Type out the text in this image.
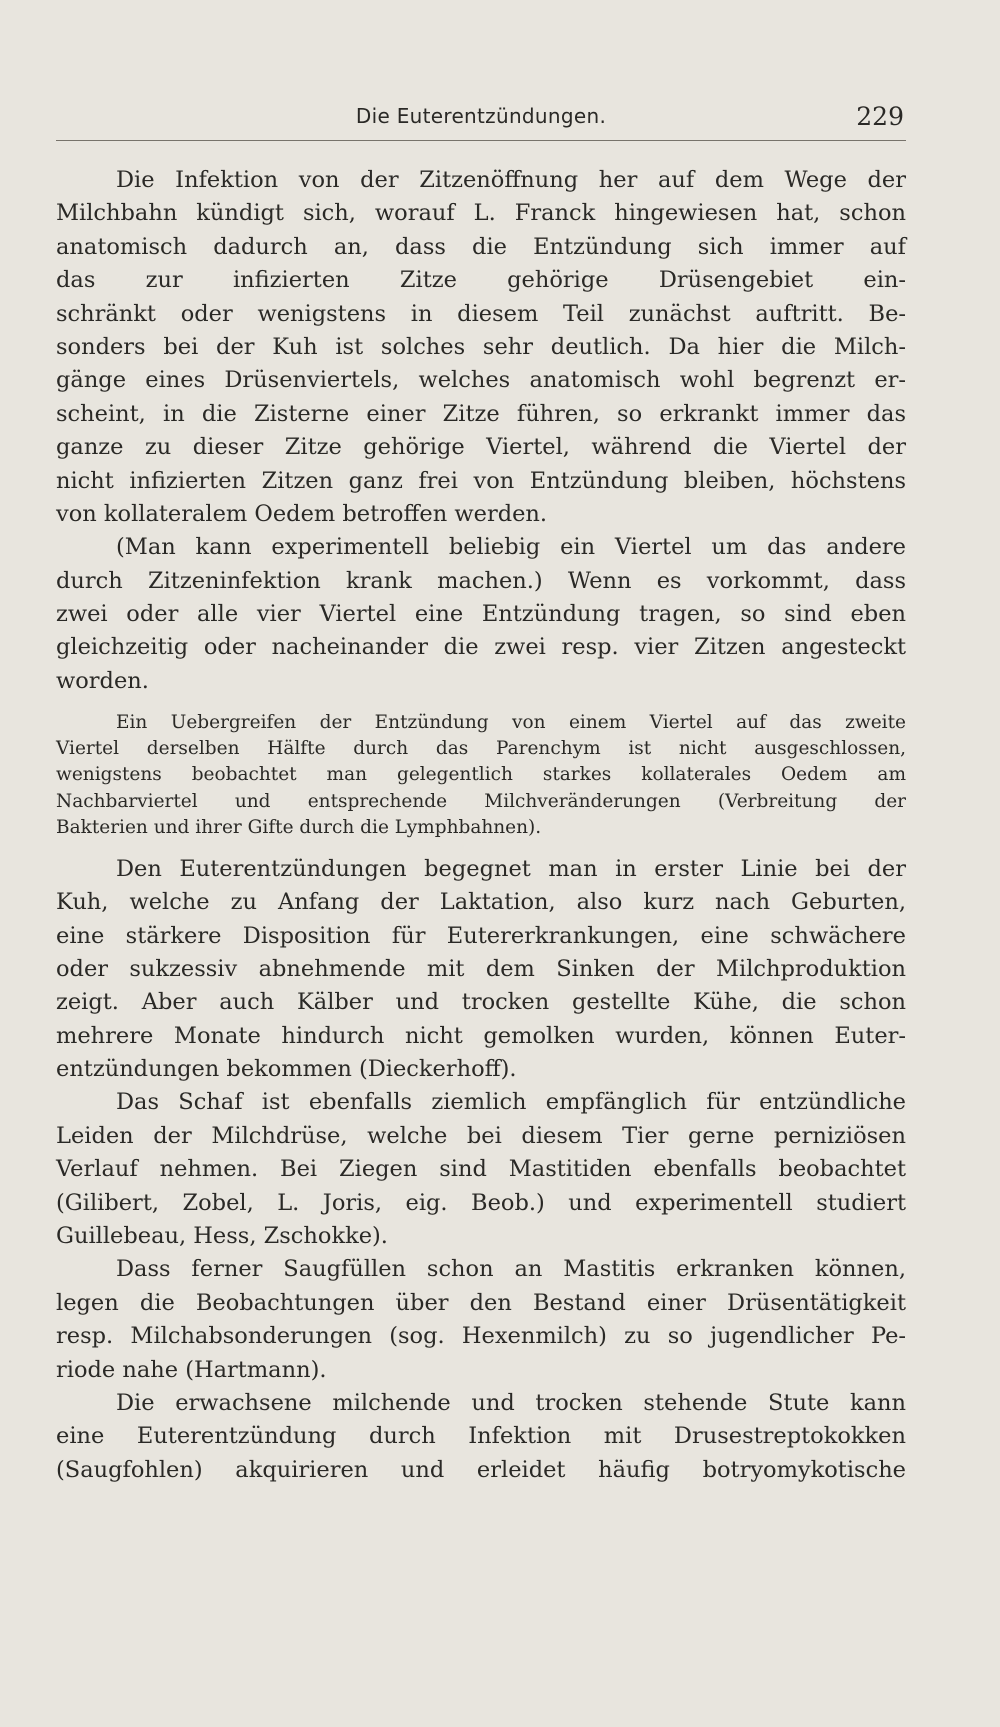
Die Euterentzündungen.	229
Die Infektion von der Zitzenöffnung her auf dem Wege der
Milchbahn kündigt sich, worauf L. Franck hingewiesen hat, schon
anatomisch dadurch an, dass die Entzündung sich immer auf
das zur infizierten Zitze gehörige Drüsengebiet ein-
schränkt oder wenigstens in diesem Teil zunächst auftritt. Be-
sonders bei der Kuh ist solches sehr deutlich. Da hier die Milch-
gänge eines Drüsenviertels, welches anatomisch wohl begrenzt er-
scheint, in die Zisterne einer Zitze führen, so erkrankt immer das
ganze zu dieser Zitze gehörige Viertel, während die Viertel der
nicht infizierten Zitzen ganz frei von Entzündung bleiben, höchstens
von kollateralem Oedem betroffen werden.
(Man kann experimentell beliebig ein Viertel um das andere
durch Zitzeninfektion krank machen.) Wenn es vorkommt, dass
zwei oder alle vier Viertel eine Entzündung tragen, so sind eben
gleichzeitig oder nacheinander die zwei resp. vier Zitzen angesteckt
worden.
Ein Uebergreifen der Entzündung von einem Viertel auf das zweite
Viertel derselben Hälfte durch das Parenchym ist nicht ausgeschlossen,
wenigstens beobachtet man gelegentlich starkes kollaterales Oedem am
Nachbarviertel und entsprechende Milchveränderungen (Verbreitung der
Bakterien und ihrer Gifte durch die Lymphbahnen).
Den Euterentzündungen begegnet man in erster Linie bei der
Kuh, welche zu Anfang der Laktation, also kurz nach Geburten,
eine stärkere Disposition für Eutererkrankungen, eine schwächere
oder sukzessiv abnehmende mit dem Sinken der Milchproduktion
zeigt. Aber auch Kälber und trocken gestellte Kühe, die schon
mehrere Monate hindurch nicht gemolken wurden, können Euter-
entzündungen bekommen (Dieckerhoff).
Das Schaf ist ebenfalls ziemlich empfänglich für entzündliche
Leiden der Milchdrüse, welche bei diesem Tier gerne perniziösen
Verlauf nehmen. Bei Ziegen sind Mastitiden ebenfalls beobachtet
(Gilibert, Zobel, L. Joris, eig. Beob.) und experimentell studiert
Guillebeau, Hess, Zschokke).
Dass ferner Saugfüllen schon an Mastitis erkranken können,
legen die Beobachtungen über den Bestand einer Drüsentätigkeit
resp. Milchabsonderungen (sog. Hexenmilch) zu so jugendlicher Pe-
riode nahe (Hartmann).
Die erwachsene milchende und trocken stehende Stute kann
eine Euterentzündung durch Infektion mit Drusestreptokokken
(Saugfohlen) akquirieren und erleidet häufig botryomykotische
